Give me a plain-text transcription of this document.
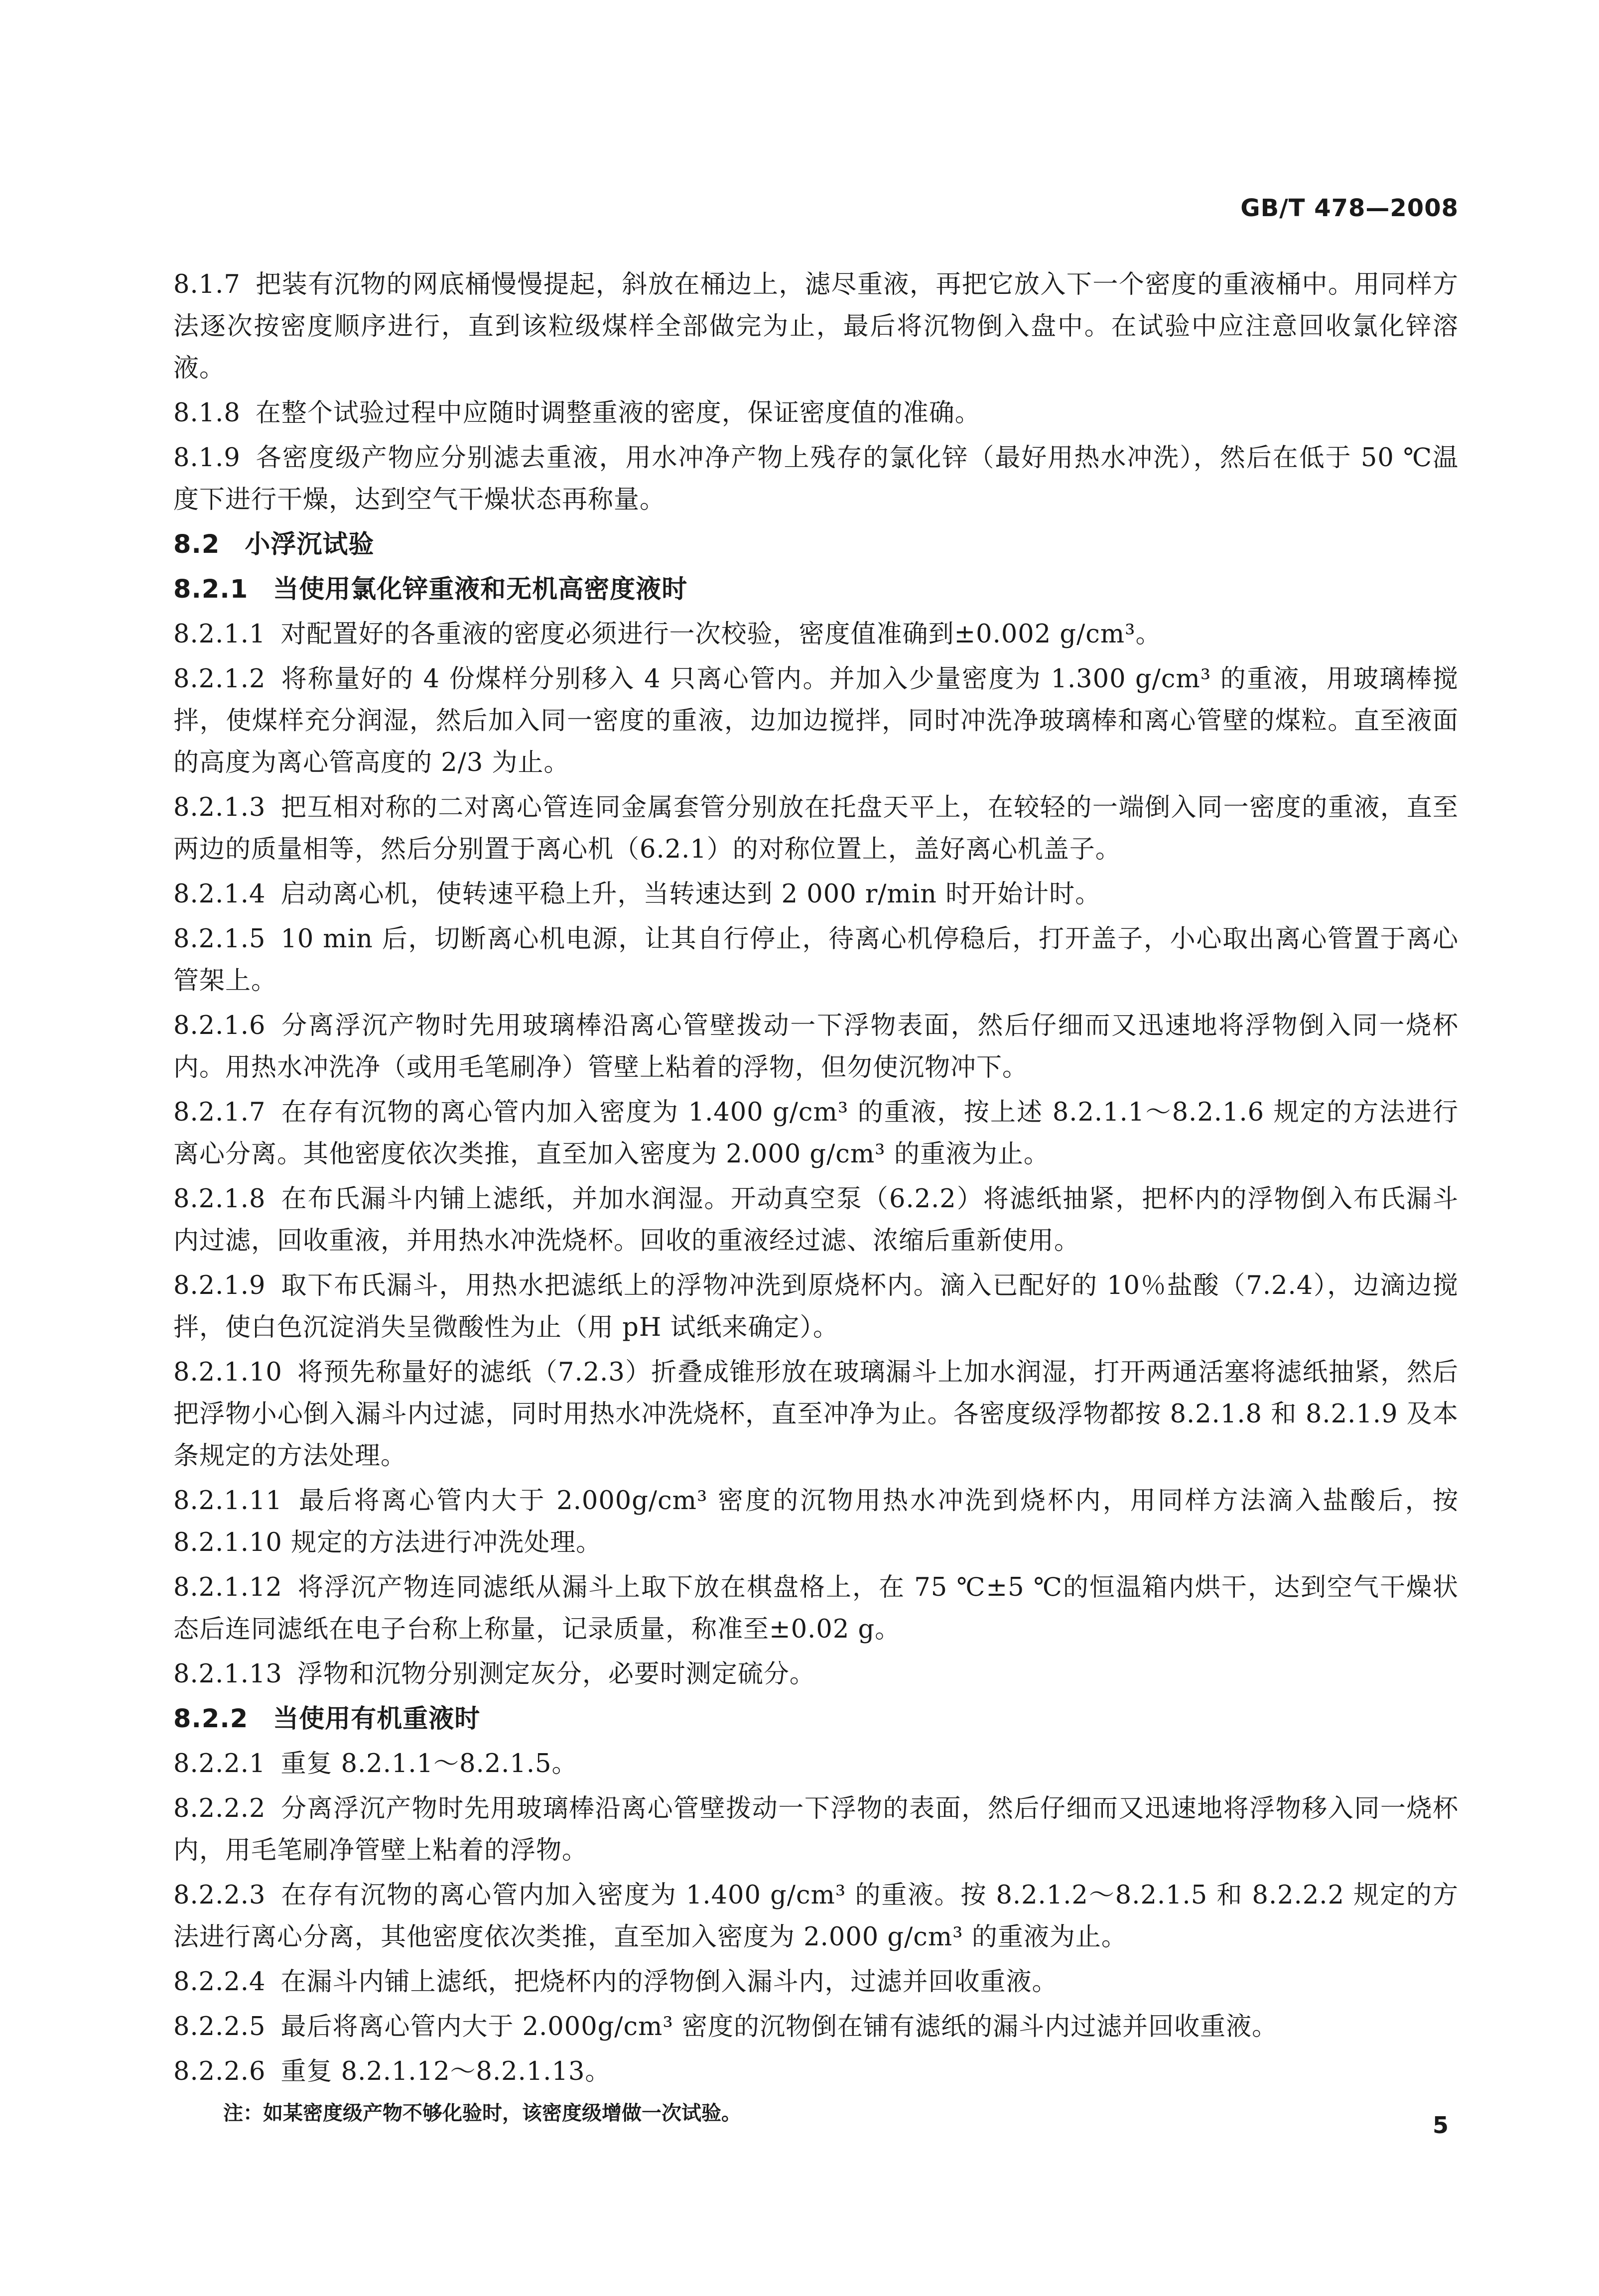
GB/T 478—2008

8.1.7 把装有沉物的网底桶慢慢提起，斜放在桶边上，滤尽重液，再把它放入下一个密度的重液桶中。用同样方法逐次按密度顺序进行，直到该粒级煤样全部做完为止，最后将沉物倒入盘中。在试验中应注意回收氯化锌溶液。

8.1.8 在整个试验过程中应随时调整重液的密度，保证密度值的准确。

8.1.9 各密度级产物应分别滤去重液，用水冲净产物上残存的氯化锌（最好用热水冲洗），然后在低于 50 ℃温度下进行干燥，达到空气干燥状态再称量。

8.2 小浮沉试验

8.2.1 当使用氯化锌重液和无机高密度液时

8.2.1.1 对配置好的各重液的密度必须进行一次校验，密度值准确到±0.002 g/cm³。

8.2.1.2 将称量好的 4 份煤样分别移入 4 只离心管内。并加入少量密度为 1.300 g/cm³ 的重液，用玻璃棒搅拌，使煤样充分润湿，然后加入同一密度的重液，边加边搅拌，同时冲洗净玻璃棒和离心管壁的煤粒。直至液面的高度为离心管高度的 2/3 为止。

8.2.1.3 把互相对称的二对离心管连同金属套管分别放在托盘天平上，在较轻的一端倒入同一密度的重液，直至两边的质量相等，然后分别置于离心机（6.2.1）的对称位置上，盖好离心机盖子。

8.2.1.4 启动离心机，使转速平稳上升，当转速达到 2 000 r/min 时开始计时。

8.2.1.5 10 min 后，切断离心机电源，让其自行停止，待离心机停稳后，打开盖子，小心取出离心管置于离心管架上。

8.2.1.6 分离浮沉产物时先用玻璃棒沿离心管壁拨动一下浮物表面，然后仔细而又迅速地将浮物倒入同一烧杯内。用热水冲洗净（或用毛笔刷净）管壁上粘着的浮物，但勿使沉物冲下。

8.2.1.7 在存有沉物的离心管内加入密度为 1.400 g/cm³ 的重液，按上述 8.2.1.1～8.2.1.6 规定的方法进行离心分离。其他密度依次类推，直至加入密度为 2.000 g/cm³ 的重液为止。

8.2.1.8 在布氏漏斗内铺上滤纸，并加水润湿。开动真空泵（6.2.2）将滤纸抽紧，把杯内的浮物倒入布氏漏斗内过滤，回收重液，并用热水冲洗烧杯。回收的重液经过滤、浓缩后重新使用。

8.2.1.9 取下布氏漏斗，用热水把滤纸上的浮物冲洗到原烧杯内。滴入已配好的 10％盐酸（7.2.4），边滴边搅拌，使白色沉淀消失呈微酸性为止（用 pH 试纸来确定）。

8.2.1.10 将预先称量好的滤纸（7.2.3）折叠成锥形放在玻璃漏斗上加水润湿，打开两通活塞将滤纸抽紧，然后把浮物小心倒入漏斗内过滤，同时用热水冲洗烧杯，直至冲净为止。各密度级浮物都按 8.2.1.8 和 8.2.1.9 及本条规定的方法处理。

8.2.1.11 最后将离心管内大于 2.000g/cm³ 密度的沉物用热水冲洗到烧杯内，用同样方法滴入盐酸后，按 8.2.1.10 规定的方法进行冲洗处理。

8.2.1.12 将浮沉产物连同滤纸从漏斗上取下放在棋盘格上，在 75 ℃±5 ℃的恒温箱内烘干，达到空气干燥状态后连同滤纸在电子台称上称量，记录质量，称准至±0.02 g。

8.2.1.13 浮物和沉物分别测定灰分，必要时测定硫分。

8.2.2 当使用有机重液时

8.2.2.1 重复 8.2.1.1～8.2.1.5。

8.2.2.2 分离浮沉产物时先用玻璃棒沿离心管壁拨动一下浮物的表面，然后仔细而又迅速地将浮物移入同一烧杯内，用毛笔刷净管壁上粘着的浮物。

8.2.2.3 在存有沉物的离心管内加入密度为 1.400 g/cm³ 的重液。按 8.2.1.2～8.2.1.5 和 8.2.2.2 规定的方法进行离心分离，其他密度依次类推，直至加入密度为 2.000 g/cm³ 的重液为止。

8.2.2.4 在漏斗内铺上滤纸，把烧杯内的浮物倒入漏斗内，过滤并回收重液。

8.2.2.5 最后将离心管内大于 2.000g/cm³ 密度的沉物倒在铺有滤纸的漏斗内过滤并回收重液。

8.2.2.6 重复 8.2.1.12～8.2.1.13。

注：如某密度级产物不够化验时，该密度级增做一次试验。	5
